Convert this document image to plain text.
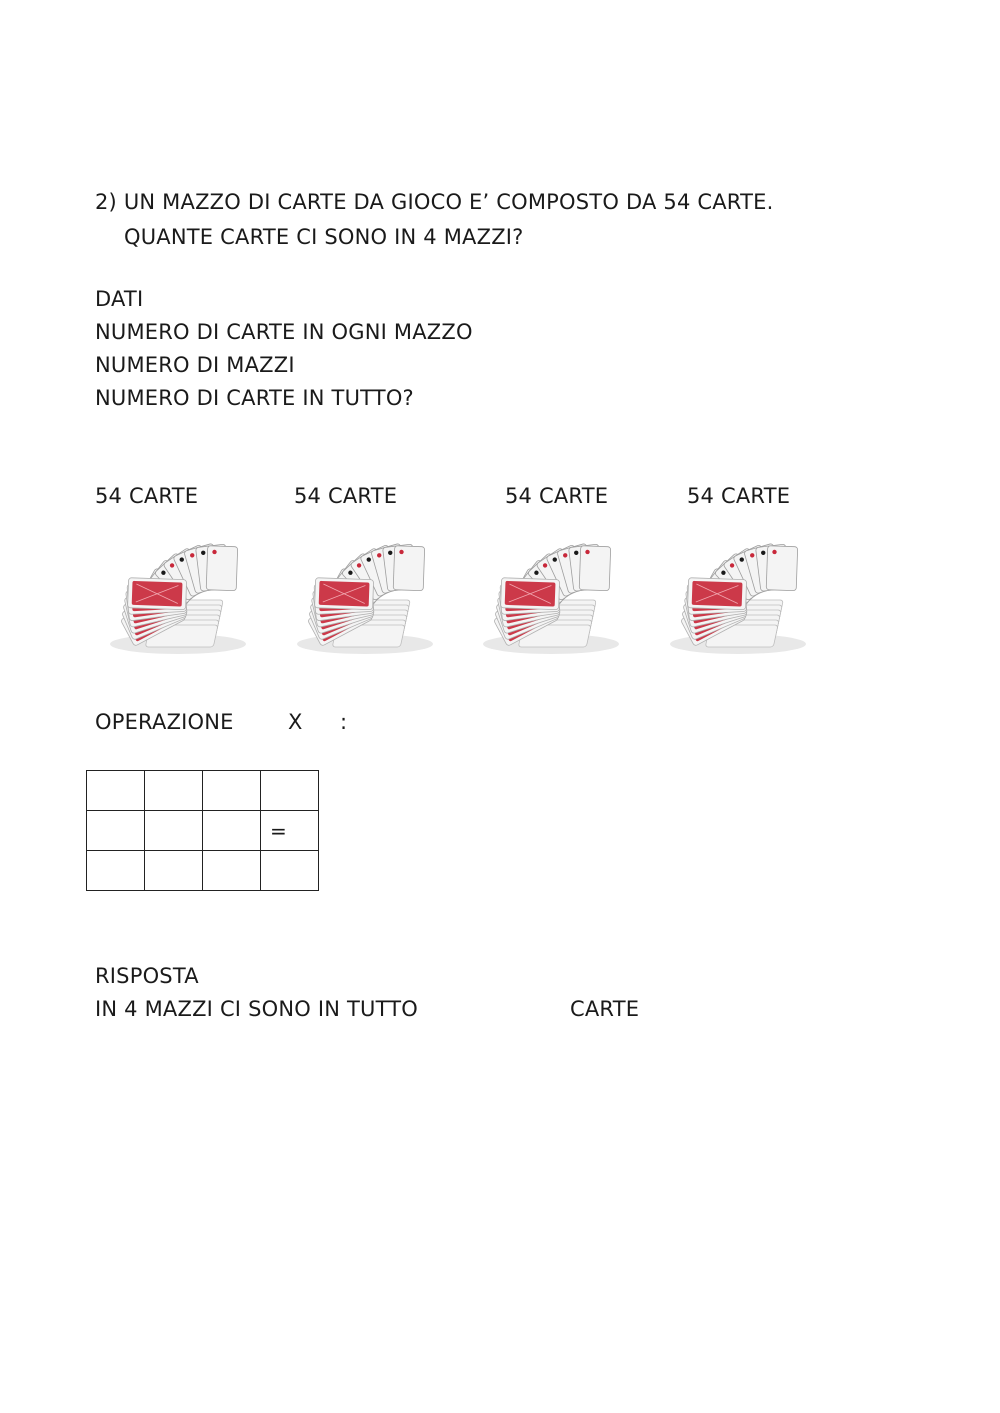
2) UN MAZZO DI CARTE DA GIOCO E’ COMPOSTO DA 54 CARTE.
QUANTE CARTE CI SONO IN 4 MAZZI?
DATI
NUMERO DI CARTE IN OGNI MAZZO
NUMERO DI MAZZI
NUMERO DI CARTE IN TUTTO?
54 CARTE	54 CARTE	54 CARTE	54 CARTE
OPERAZIONE	X :

			=

RISPOSTA
IN 4 MAZZI CI SONO IN TUTTO	CARTE
